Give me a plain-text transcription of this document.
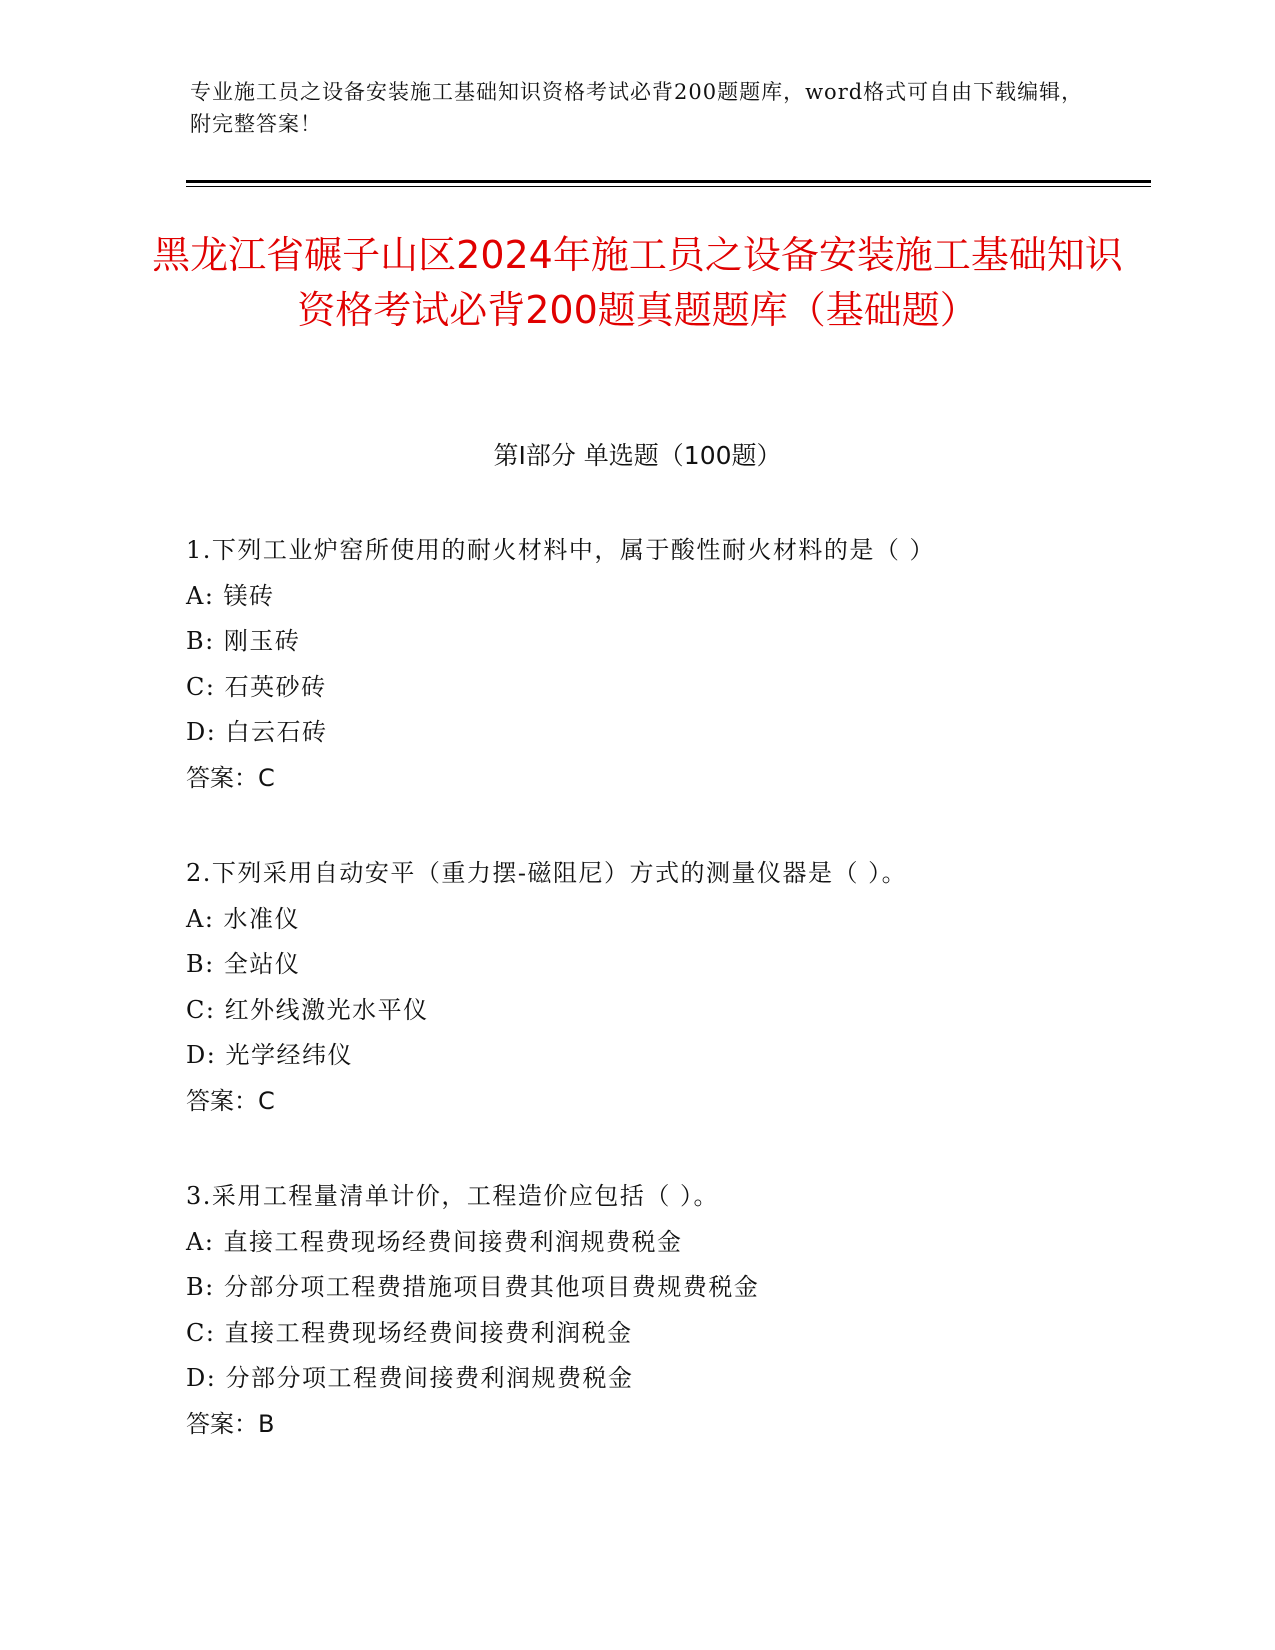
专业施工员之设备安装施工基础知识资格考试必背200题题库，word格式可自由下载编辑，附完整答案！
黑龙江省碾子山区2024年施工员之设备安装施工基础知识资格考试必背200题真题题库（基础题）
第Ⅰ部分 单选题（100题）
1.下列工业炉窑所使用的耐火材料中，属于酸性耐火材料的是（ ）
A: 镁砖
B: 刚玉砖
C: 石英砂砖
D: 白云石砖
答案：C
2.下列采用自动安平（重力摆-磁阻尼）方式的测量仪器是（ ）。
A: 水准仪
B: 全站仪
C: 红外线激光水平仪
D: 光学经纬仪
答案：C
3.采用工程量清单计价，工程造价应包括（ ）。
A: 直接工程费现场经费间接费利润规费税金
B: 分部分项工程费措施项目费其他项目费规费税金
C: 直接工程费现场经费间接费利润税金
D: 分部分项工程费间接费利润规费税金
答案：B
